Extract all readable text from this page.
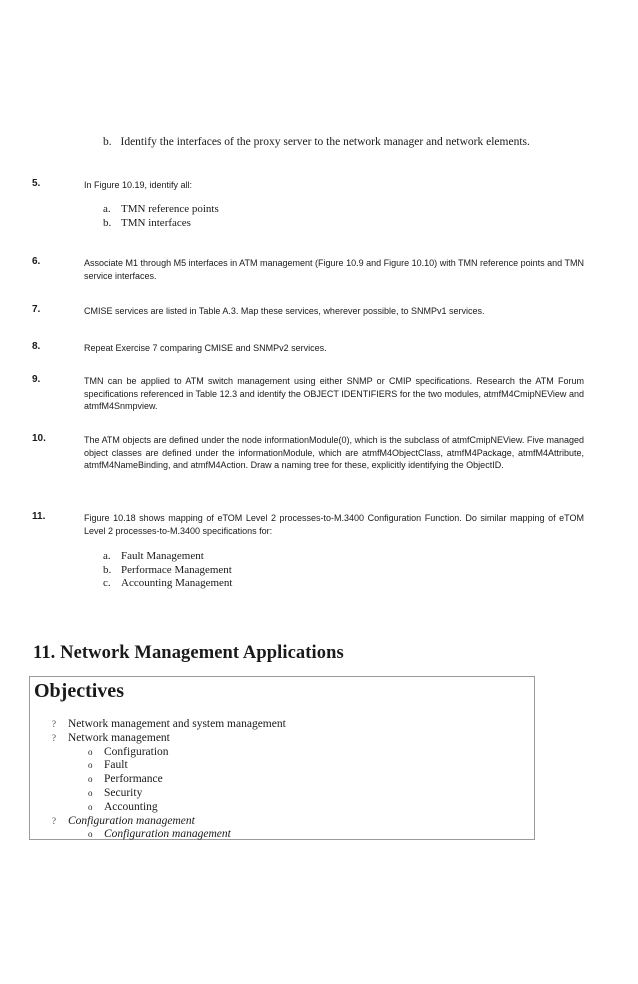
b. Identify the interfaces of the proxy server to the network manager and network elements.
5.	In Figure 10.19, identify all:
a. TMN reference points
b. TMN interfaces
6.	Associate M1 through M5 interfaces in ATM management (Figure 10.9 and Figure 10.10) with TMN reference points and TMN service interfaces.
7.	CMISE services are listed in Table A.3. Map these services, wherever possible, to SNMPv1 services.
8.	Repeat Exercise 7 comparing CMISE and SNMPv2 services.
9.	TMN can be applied to ATM switch management using either SNMP or CMIP specifications. Research the ATM Forum specifications referenced in Table 12.3 and identify the OBJECT IDENTIFIERS for the two modules, atmfM4CmipNEView and atmfM4Snmpview.
10.	The ATM objects are defined under the node informationModule(0), which is the subclass of atmfCmipNEView. Five managed object classes are defined under the informationModule, which are atmfM4ObjectClass, atmfM4Package, atmfM4Attribute, atmfM4NameBinding, and atmfM4Action. Draw a naming tree for these, explicitly identifying the ObjectID.
11.	Figure 10.18 shows mapping of eTOM Level 2 processes-to-M.3400 Configuration Function. Do similar mapping of eTOM Level 2 processes-to-M.3400 specifications for:
a. Fault Management
b. Performace Management
c. Accounting Management
11. Network Management Applications
Objectives
? Network management and system management
? Network management
o Configuration
o Fault
o Performance
o Security
o Accounting
? Configuration management
o Configuration management
